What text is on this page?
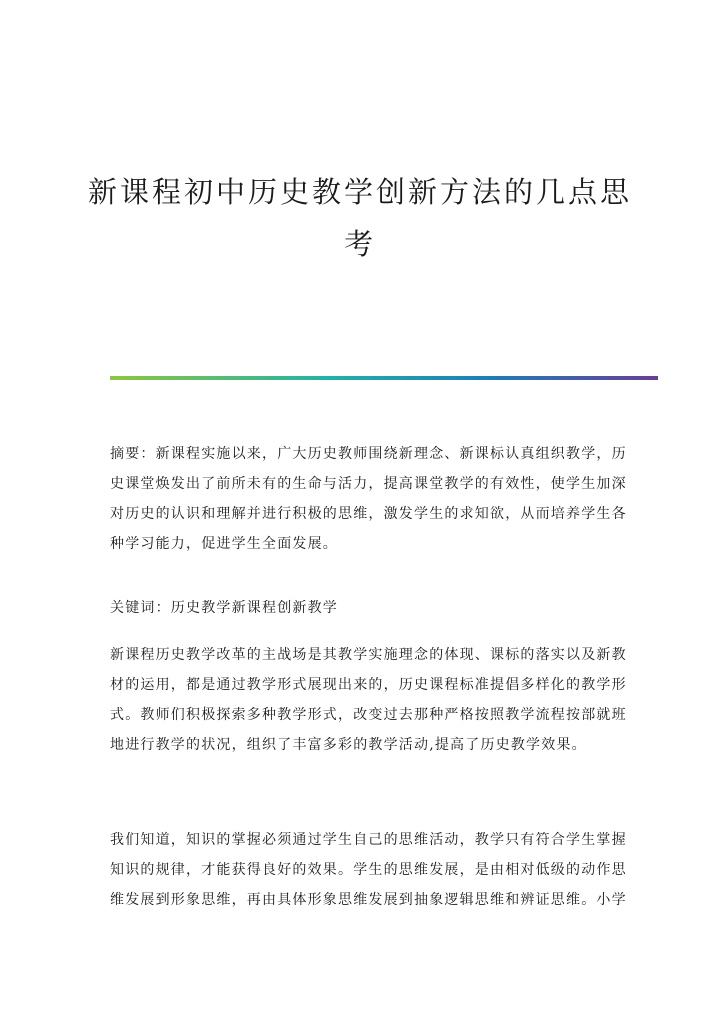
新课程初中历史教学创新方法的几点思
考

摘要：新课程实施以来，广大历史教师围绕新理念、新课标认真组织教学，历
史课堂焕发出了前所未有的生命与活力，提高课堂教学的有效性，使学生加深
对历史的认识和理解并进行积极的思维，激发学生的求知欲，从而培养学生各
种学习能力，促进学生全面发展。

关键词：历史教学新课程创新教学

新课程历史教学改革的主战场是其教学实施理念的体现、课标的落实以及新教
材的运用，都是通过教学形式展现出来的，历史课程标准提倡多样化的教学形
式。教师们积极探索多种教学形式，改变过去那种严格按照教学流程按部就班
地进行教学的状况，组织了丰富多彩的教学活动,提高了历史教学效果。

我们知道，知识的掌握必须通过学生自己的思维活动，教学只有符合学生掌握
知识的规律，才能获得良好的效果。学生的思维发展，是由相对低级的动作思
维发展到形象思维，再由具体形象思维发展到抽象逻辑思维和辨证思维。小学
